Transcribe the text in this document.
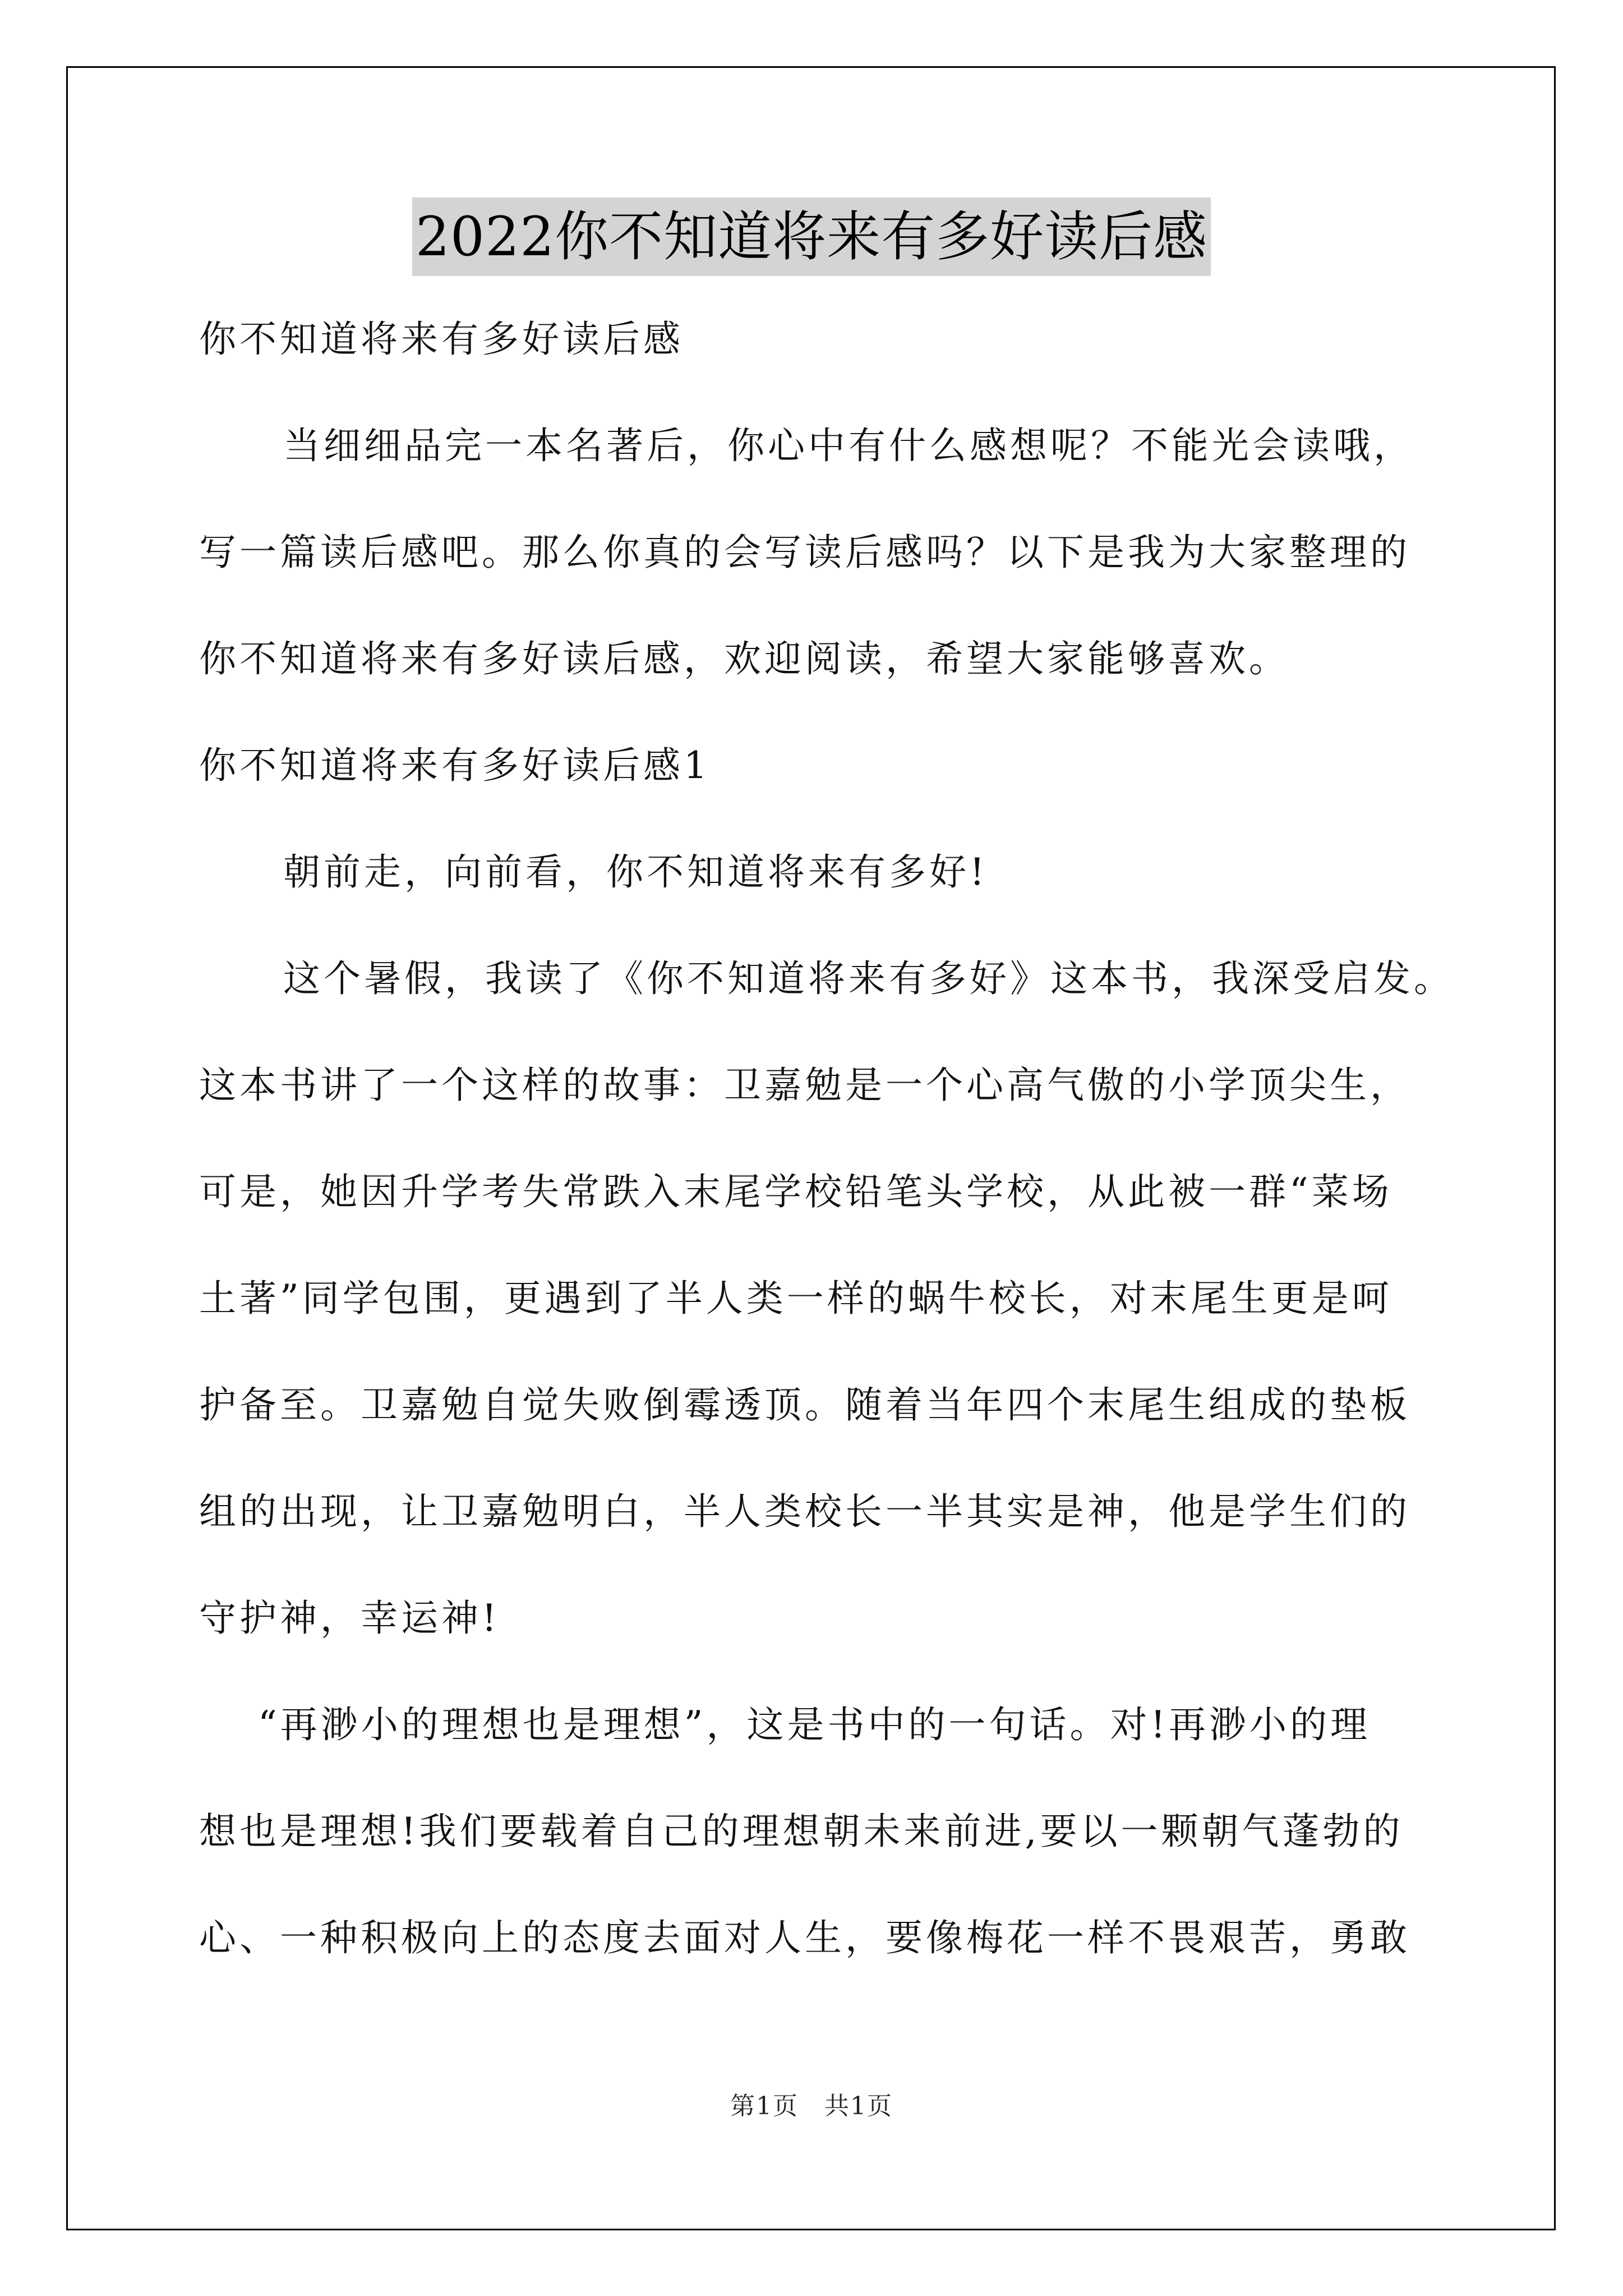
2022你不知道将来有多好读后感
你不知道将来有多好读后感
当细细品完一本名著后，你心中有什么感想呢？不能光会读哦，
写一篇读后感吧。那么你真的会写读后感吗？以下是我为大家整理的
你不知道将来有多好读后感，欢迎阅读，希望大家能够喜欢。
你不知道将来有多好读后感1
朝前走，向前看，你不知道将来有多好!
这个暑假，我读了《你不知道将来有多好》这本书，我深受启发。
这本书讲了一个这样的故事：卫嘉勉是一个心高气傲的小学顶尖生，
可是，她因升学考失常跌入末尾学校铅笔头学校，从此被一群“菜场
土著”同学包围，更遇到了半人类一样的蜗牛校长，对末尾生更是呵
护备至。卫嘉勉自觉失败倒霉透顶。随着当年四个末尾生组成的垫板
组的出现，让卫嘉勉明白，半人类校长一半其实是神，他是学生们的
守护神，幸运神!
“再渺小的理想也是理想”，这是书中的一句话。对!再渺小的理
想也是理想!我们要载着自己的理想朝未来前进,要以一颗朝气蓬勃的
心、一种积极向上的态度去面对人生，要像梅花一样不畏艰苦，勇敢
第1页　共1页
